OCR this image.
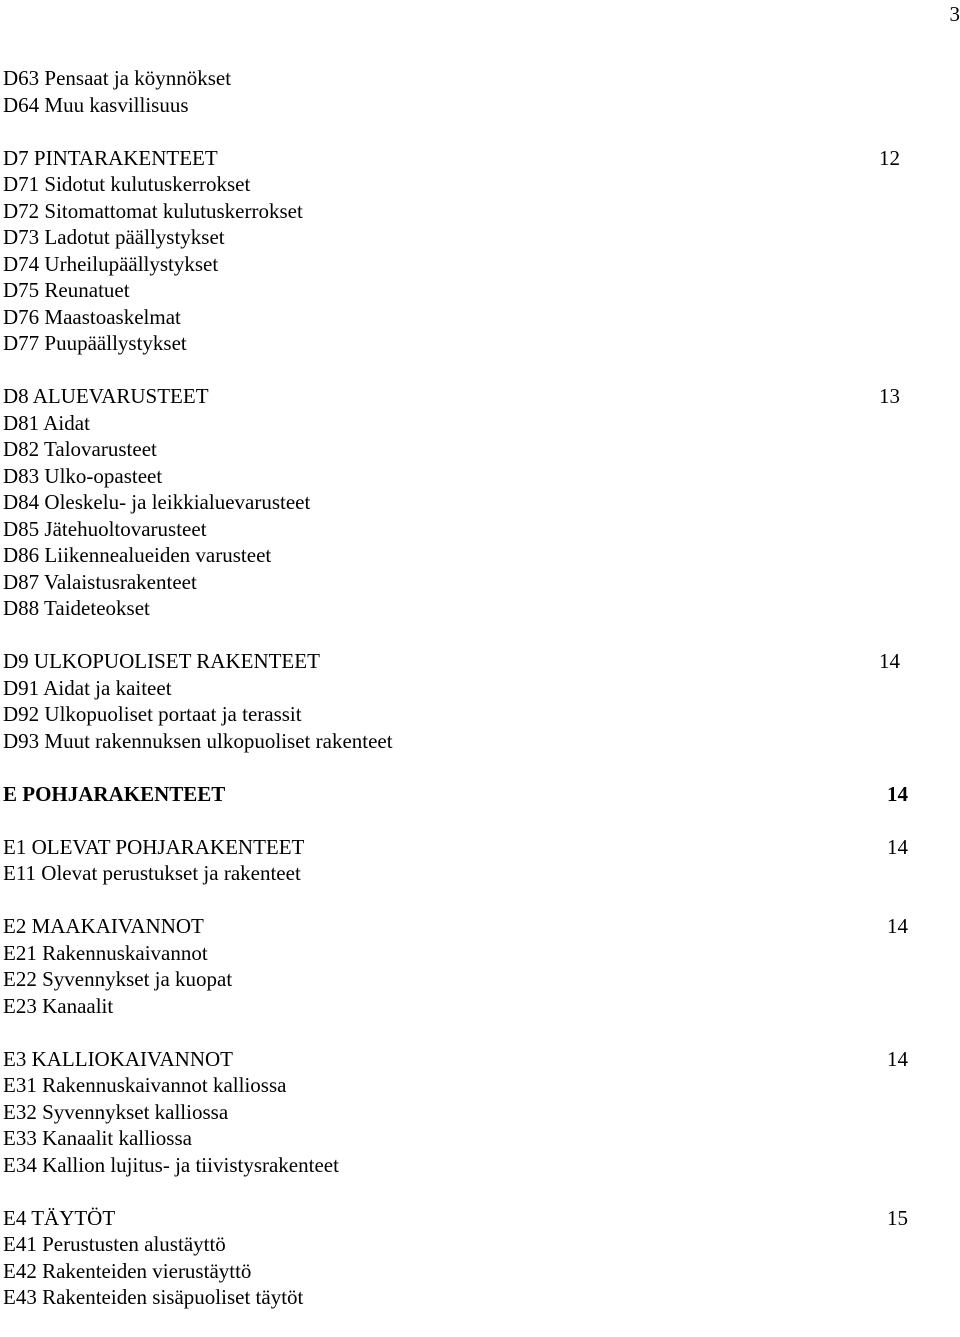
3
D63 Pensaat ja köynnökset
D64 Muu kasvillisuus
D7 PINTARAKENTEET	12
D71 Sidotut kulutuskerrokset
D72 Sitomattomat kulutuskerrokset
D73 Ladotut päällystykset
D74 Urheilupäällystykset
D75 Reunatuet
D76 Maastoaskelmat
D77 Puupäällystykset
D8 ALUEVARUSTEET	13
D81 Aidat
D82 Talovarusteet
D83 Ulko-opasteet
D84 Oleskelu- ja leikkialuevarusteet
D85 Jätehuoltovarusteet
D86 Liikennealueiden varusteet
D87 Valaistusrakenteet
D88 Taideteokset
D9 ULKOPUOLISET RAKENTEET	14
D91 Aidat ja kaiteet
D92 Ulkopuoliset portaat ja terassit
D93 Muut rakennuksen ulkopuoliset rakenteet
E POHJARAKENTEET	14
E1 OLEVAT POHJARAKENTEET	14
E11 Olevat perustukset ja rakenteet
E2 MAAKAIVANNOT	14
E21 Rakennuskaivannot
E22 Syvennykset ja kuopat
E23 Kanaalit
E3 KALLIOKAIVANNOT	14
E31 Rakennuskaivannot kalliossa
E32 Syvennykset kalliossa
E33 Kanaalit kalliossa
E34 Kallion lujitus- ja tiivistysrakenteet
E4 TÄYTÖT	15
E41 Perustusten alustäyttö
E42 Rakenteiden vierustäyttö
E43 Rakenteiden sisäpuoliset täytöt
